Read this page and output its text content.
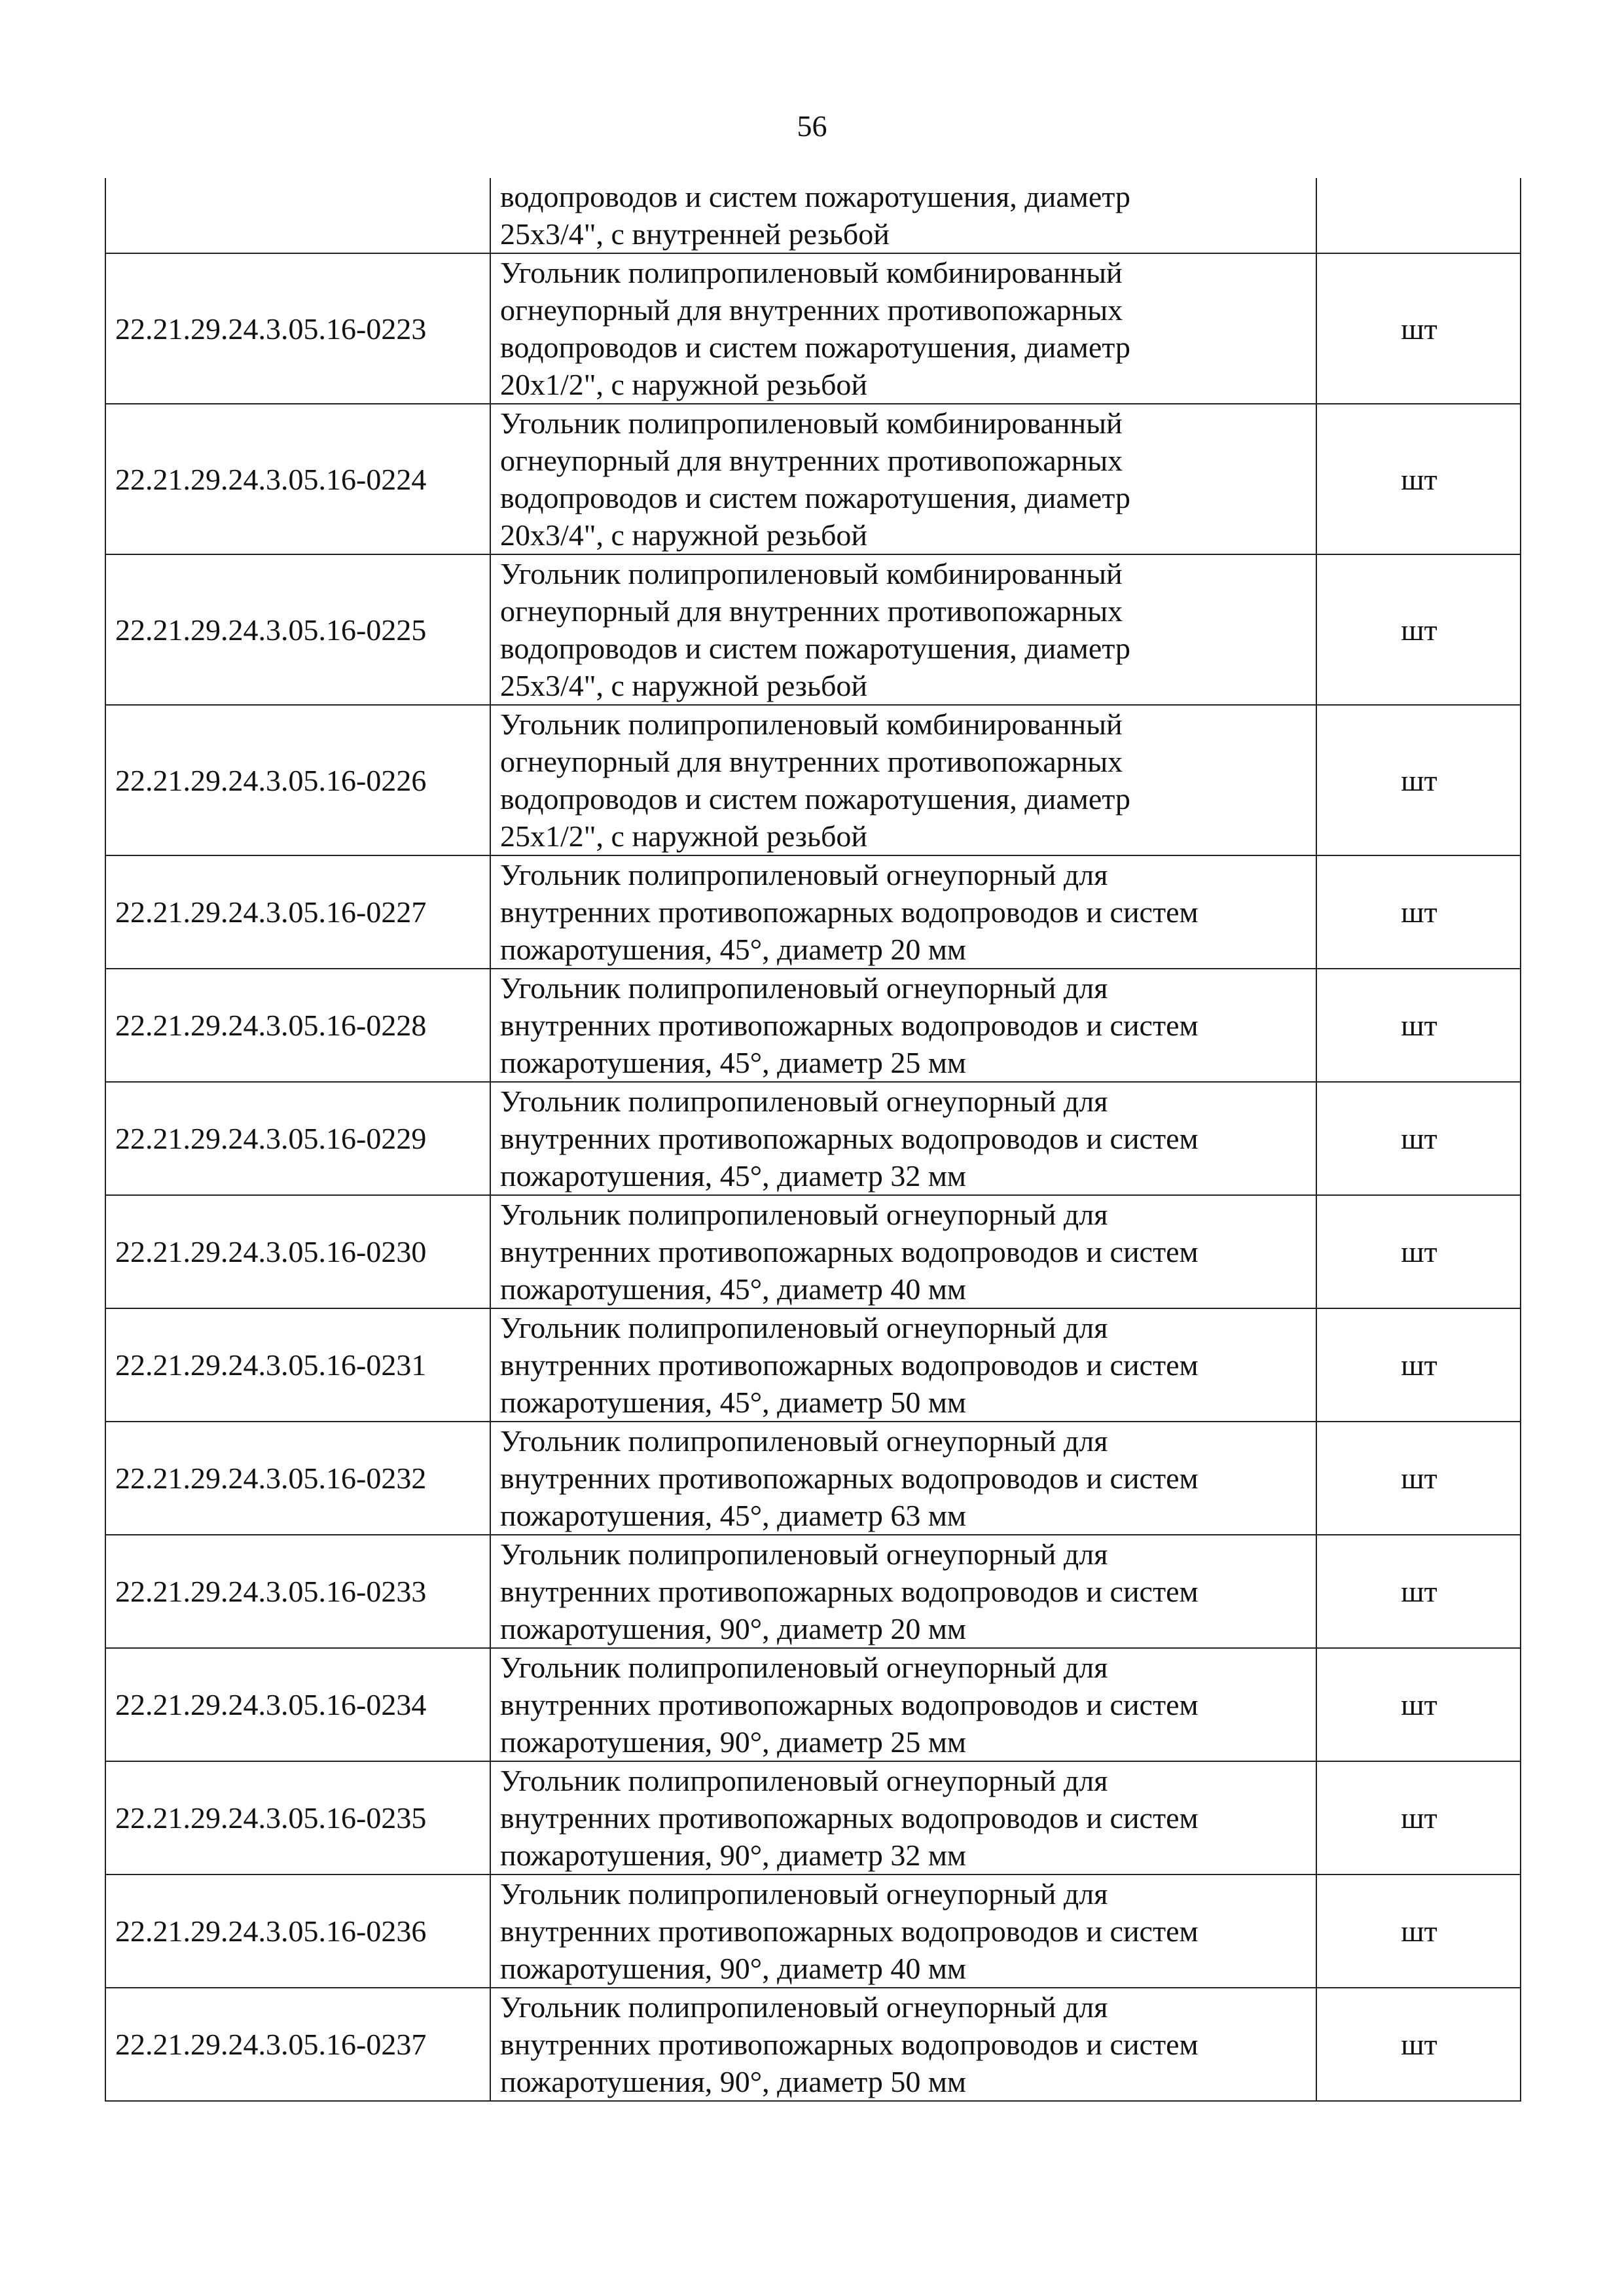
56

	водопроводов и систем пожаротушения, диаметр
25x3/4", с внутренней резьбой	

22.21.29.24.3.05.16-0223	Угольник полипропиленовый комбинированный
огнеупорный для внутренних противопожарных
водопроводов и систем пожаротушения, диаметр
20x1/2", с наружной резьбой	шт
22.21.29.24.3.05.16-0224	Угольник полипропиленовый комбинированный
огнеупорный для внутренних противопожарных
водопроводов и систем пожаротушения, диаметр
20x3/4", с наружной резьбой	шт
22.21.29.24.3.05.16-0225	Угольник полипропиленовый комбинированный
огнеупорный для внутренних противопожарных
водопроводов и систем пожаротушения, диаметр
25x3/4", с наружной резьбой	шт
22.21.29.24.3.05.16-0226	Угольник полипропиленовый комбинированный
огнеупорный для внутренних противопожарных
водопроводов и систем пожаротушения, диаметр
25x1/2", с наружной резьбой	шт
22.21.29.24.3.05.16-0227	Угольник полипропиленовый огнеупорный для
внутренних противопожарных водопроводов и систем
пожаротушения, 45°, диаметр 20 мм	шт
22.21.29.24.3.05.16-0228	Угольник полипропиленовый огнеупорный для
внутренних противопожарных водопроводов и систем
пожаротушения, 45°, диаметр 25 мм	шт
22.21.29.24.3.05.16-0229	Угольник полипропиленовый огнеупорный для
внутренних противопожарных водопроводов и систем
пожаротушения, 45°, диаметр 32 мм	шт
22.21.29.24.3.05.16-0230	Угольник полипропиленовый огнеупорный для
внутренних противопожарных водопроводов и систем
пожаротушения, 45°, диаметр 40 мм	шт
22.21.29.24.3.05.16-0231	Угольник полипропиленовый огнеупорный для
внутренних противопожарных водопроводов и систем
пожаротушения, 45°, диаметр 50 мм	шт
22.21.29.24.3.05.16-0232	Угольник полипропиленовый огнеупорный для
внутренних противопожарных водопроводов и систем
пожаротушения, 45°, диаметр 63 мм	шт
22.21.29.24.3.05.16-0233	Угольник полипропиленовый огнеупорный для
внутренних противопожарных водопроводов и систем
пожаротушения, 90°, диаметр 20 мм	шт
22.21.29.24.3.05.16-0234	Угольник полипропиленовый огнеупорный для
внутренних противопожарных водопроводов и систем
пожаротушения, 90°, диаметр 25 мм	шт
22.21.29.24.3.05.16-0235	Угольник полипропиленовый огнеупорный для
внутренних противопожарных водопроводов и систем
пожаротушения, 90°, диаметр 32 мм	шт
22.21.29.24.3.05.16-0236	Угольник полипропиленовый огнеупорный для
внутренних противопожарных водопроводов и систем
пожаротушения, 90°, диаметр 40 мм	шт
22.21.29.24.3.05.16-0237	Угольник полипропиленовый огнеупорный для
внутренних противопожарных водопроводов и систем
пожаротушения, 90°, диаметр 50 мм	шт
